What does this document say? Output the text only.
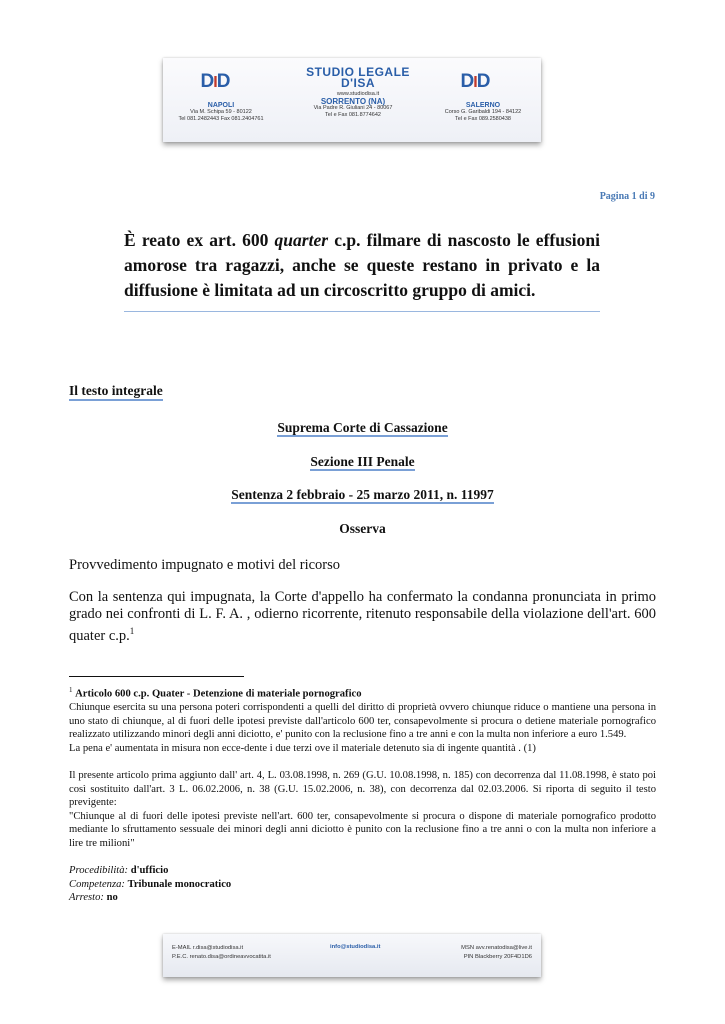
DID	STUDIO LEGALE
D'ISA
www.studiodisa.it
DID
NAPOLI
Via M. Schipa 59 - 80122
Tel 081.2482443 Fax 081.2404761
SORRENTO (NA)
Via Padre R. Giuliani 24 - 80067
Tel e Fax 081.8774642
SALERNO
Corso G. Garibaldi 194 - 84122
Tel e Fax 089.2580438
Pagina 1 di 9
È reato ex art. 600 quarter c.p. filmare di nascosto le effusioni amorose tra ragazzi, anche se queste restano in privato e la diffusione è limitata ad un circoscritto gruppo di amici.
Il testo integrale
Suprema Corte di Cassazione
Sezione III Penale
Sentenza 2 febbraio - 25 marzo 2011, n. 11997
Osserva
Provvedimento impugnato e motivi del ricorso
Con la sentenza qui impugnata, la Corte d'appello ha confermato la condanna pronunciata in primo grado nei confronti di L. F. A. , odierno ricorrente, ritenuto responsabile della violazione dell'art. 600 quater c.p.$^1$
$^1$ Articolo 600 c.p. Quater - Detenzione di materiale pornografico
Chiunque esercita su una persona poteri corrispondenti a quelli del diritto di proprietà ovvero chiunque riduce o mantiene una persona in uno stato di chiunque, al di fuori delle ipotesi previste dall'articolo 600 ter, consapevolmente si procura o detiene materiale pornografico realizzato utilizzando minori degli anni diciotto, e' punito con la reclusione fino a tre anni e con la multa non inferiore a euro 1.549.
La pena e' aumentata in misura non ecce-dente i due terzi ove il materiale detenuto sia di ingente quantità . (1)
Il presente articolo prima aggiunto dall' art. 4, L. 03.08.1998, n. 269 (G.U. 10.08.1998, n. 185) con decorrenza dal 11.08.1998, è stato poi così sostituito dall'art. 3 L. 06.02.2006, n. 38 (G.U. 15.02.2006, n. 38), con decorrenza dal 02.03.2006. Si riporta di seguito il testo previgente:
"Chiunque al di fuori delle ipotesi previste nell'art. 600 ter, consapevolmente si procura o dispone di materiale pornografico prodotto mediante lo sfruttamento sessuale dei minori degli anni diciotto è punito con la reclusione fino a tre anni o con la multa non inferiore a lire tre milioni"
Procedibilità: d'ufficio
Competenza: Tribunale monocratico
Arresto: no
E-MAIL r.disa@studiodisa.it
P.E.C. renato.disa@ordineavvocatita.it
info@studiodisa.it	MSN avv.renatodisa@live.it
PIN Blackberry 20F4D1D6
